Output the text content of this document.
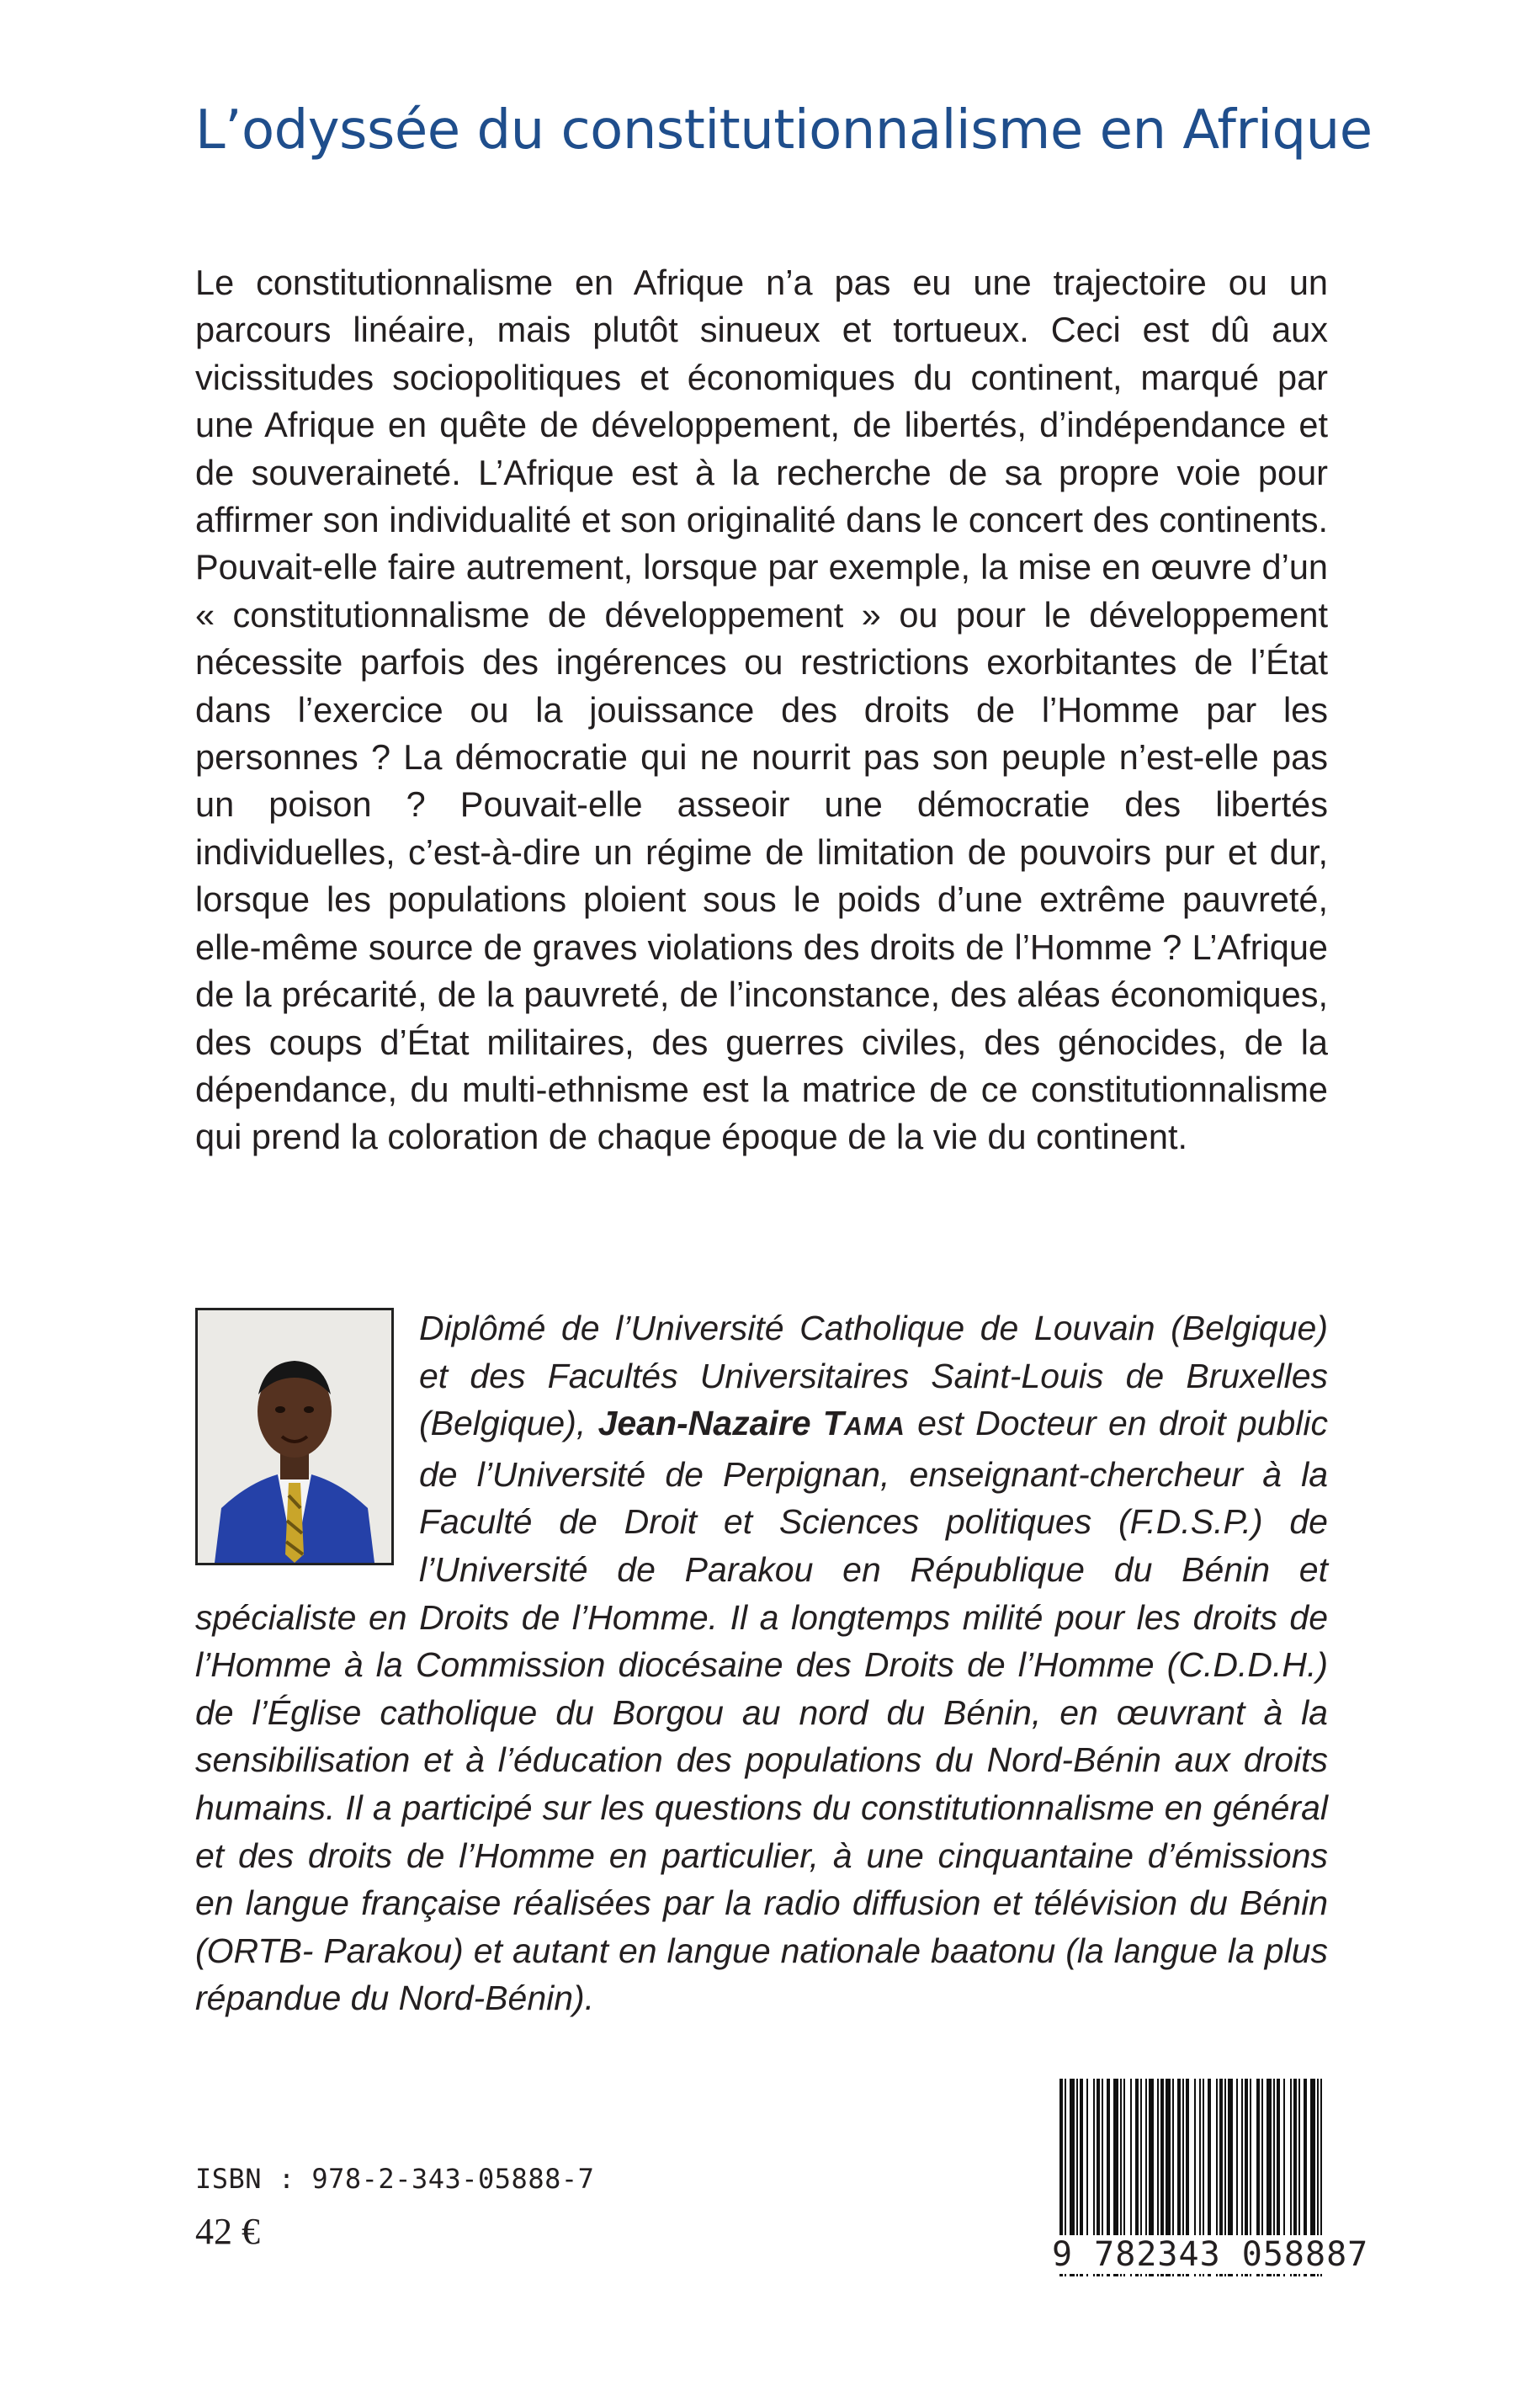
L’odyssée du constitutionnalisme en Afrique

Le constitutionnalisme en Afrique n’a pas eu une trajectoire ou un parcours linéaire, mais plutôt sinueux et tortueux. Ceci est dû aux vicissitudes sociopolitiques et économiques du continent, marqué par une Afrique en quête de développement, de libertés, d’indépendance et de souveraineté. L’Afrique est à la recherche de sa propre voie pour affirmer son individualité et son originalité dans le concert des continents. Pouvait-elle faire autrement, lorsque par exemple, la mise en œuvre d’un « constitutionnalisme de développement » ou pour le développement nécessite parfois des ingérences ou restrictions exorbitantes de l’État dans l’exercice ou la jouissance des droits de l’Homme par les personnes ? La démocratie qui ne nourrit pas son peuple n’est-elle pas un poison ? Pouvait-elle asseoir une démocratie des libertés individuelles, c’est-à-dire un régime de limitation de pouvoirs pur et dur, lorsque les populations ploient sous le poids d’une extrême pauvreté, elle-même source de graves violations des droits de l’Homme ? L’Afrique de la précarité, de la pauvreté, de l’inconstance, des aléas économiques, des coups d’État militaires, des guerres civiles, des génocides, de la dépendance, du multi-ethnisme est la matrice de ce constitutionnalisme qui prend la coloration de chaque époque de la vie du continent.

Diplômé de l’Université Catholique de Louvain (Belgique) et des Facultés Universitaires Saint-Louis de Bruxelles (Belgique), Jean-Nazaire TAMA est Docteur en droit public de l’Université de Perpignan, enseignant-chercheur à la Faculté de Droit et Sciences politiques (F.D.S.P.) de l’Université de Parakou en République du Bénin et spécialiste en Droits de l’Homme. Il a longtemps milité pour les droits de l’Homme à la Commission diocésaine des Droits de l’Homme (C.D.D.H.) de l’Église catholique du Borgou au nord du Bénin, en œuvrant à la sensibilisation et à l’éducation des populations du Nord-Bénin aux droits humains. Il a participé sur les questions du constitutionnalisme en général et des droits de l’Homme en particulier, à une cinquantaine d’émissions en langue française réalisées par la radio diffusion et télévision du Bénin (ORTB- Parakou) et autant en langue nationale baatonu (la langue la plus répandue du Nord-Bénin).

ISBN : 978-2-343-05888-7
42 €
9 782343 058887
